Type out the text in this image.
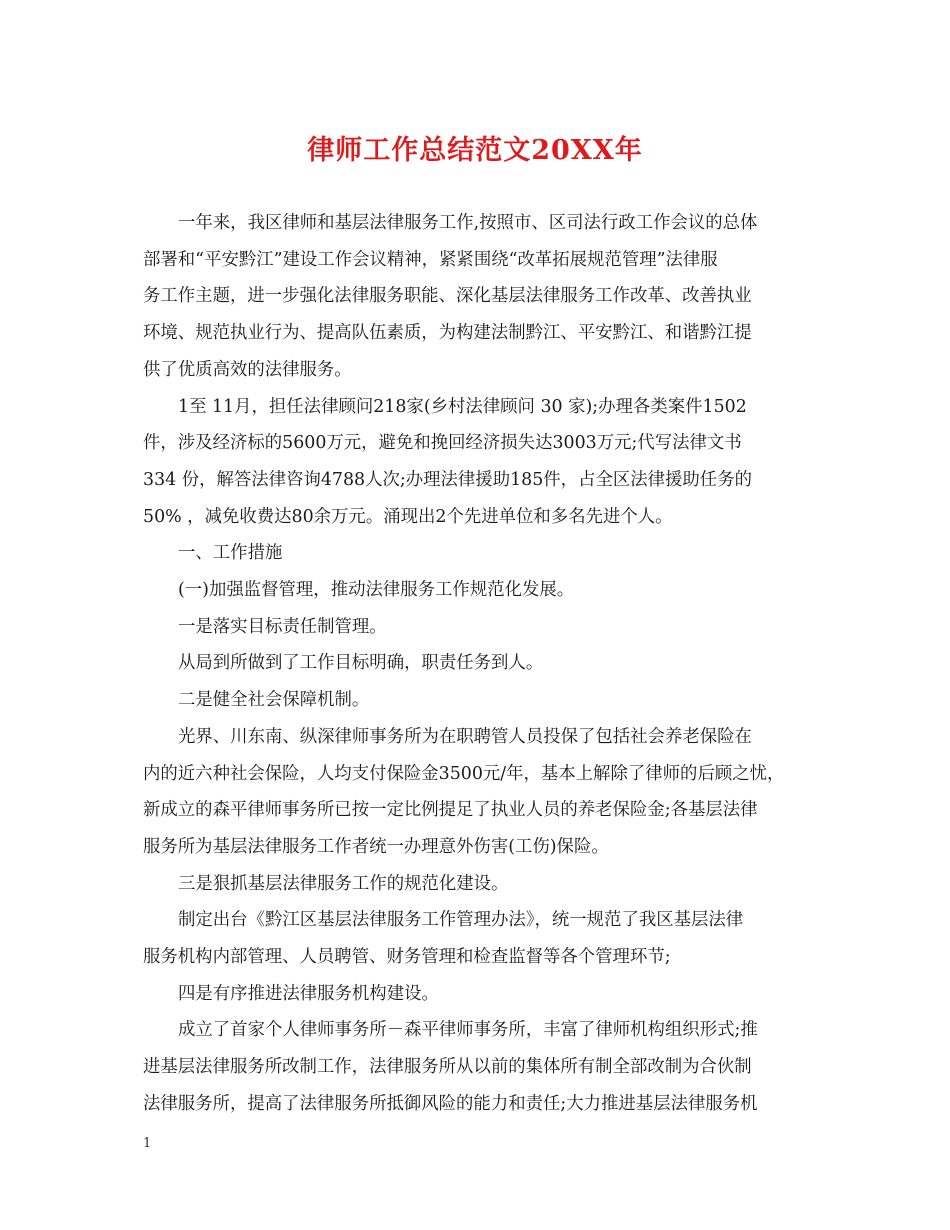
律师工作总结范文20XX年
一年来，我区律师和基层法律服务工作,按照市、区司法行政工作会议的总体
部署和“平安黔江”建设工作会议精神，紧紧围绕“改革拓展规范管理”法律服
务工作主题，进一步强化法律服务职能、深化基层法律服务工作改革、改善执业
环境、规范执业行为、提高队伍素质，为构建法制黔江、平安黔江、和谐黔江提
供了优质高效的法律服务。
1至 11月，担任法律顾问218家(乡村法律顾问 30 家);办理各类案件1502
件，涉及经济标的5600万元，避免和挽回经济损失达3003万元;代写法律文书
334 份，解答法律咨询4788人次;办理法律援助185件，占全区法律援助任务的
50% ，减免收费达80余万元。涌现出2个先进单位和多名先进个人。
一、工作措施
(一)加强监督管理，推动法律服务工作规范化发展。
一是落实目标责任制管理。
从局到所做到了工作目标明确，职责任务到人。
二是健全社会保障机制。
光界、川东南、纵深律师事务所为在职聘管人员投保了包括社会养老保险在
内的近六种社会保险，人均支付保险金3500元/年，基本上解除了律师的后顾之忧，
新成立的森平律师事务所已按一定比例提足了执业人员的养老保险金;各基层法律
服务所为基层法律服务工作者统一办理意外伤害(工伤)保险。
三是狠抓基层法律服务工作的规范化建设。
制定出台《黔江区基层法律服务工作管理办法》，统一规范了我区基层法律
服务机构内部管理、人员聘管、财务管理和检查监督等各个管理环节;
四是有序推进法律服务机构建设。
成立了首家个人律师事务所－森平律师事务所，丰富了律师机构组织形式;推
进基层法律服务所改制工作，法律服务所从以前的集体所有制全部改制为合伙制
法律服务所，提高了法律服务所抵御风险的能力和责任;大力推进基层法律服务机
1
